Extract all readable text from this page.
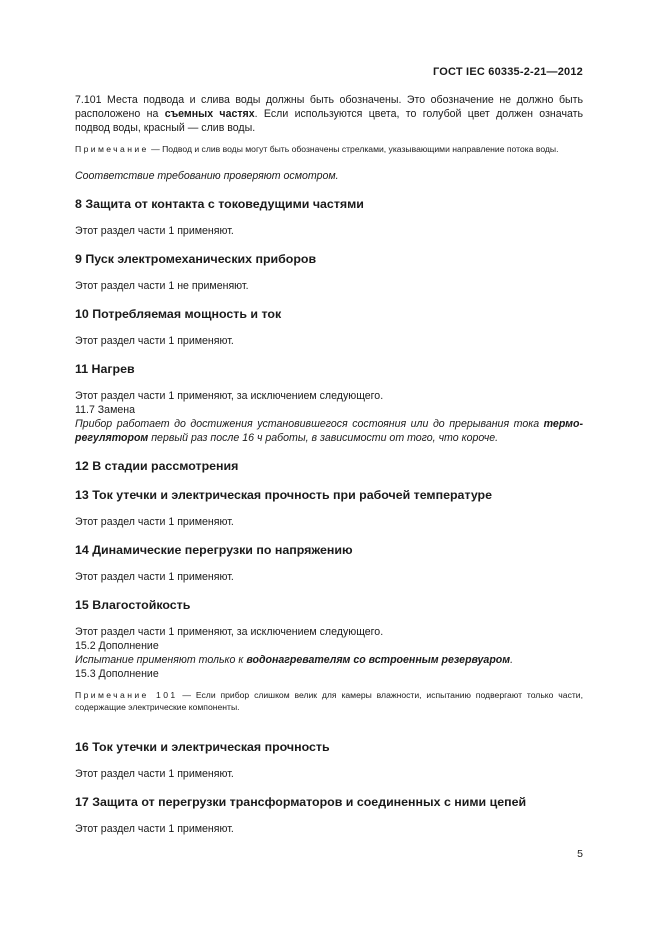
ГОСТ IEC 60335-2-21—2012

7.101 Места подвода и слива воды должны быть обозначены. Это обозначение не должно быть расположено на съемных частях. Если используются цвета, то голубой цвет должен означать подвод воды, красный — слив воды.

Примечание — Подвод и слив воды могут быть обозначены стрелками, указывающими направление потока воды.

Соответствие требованию проверяют осмотром.

8 Защита от контакта с токоведущими частями

Этот раздел части 1 применяют.

9 Пуск электромеханических приборов

Этот раздел части 1 не применяют.

10 Потребляемая мощность и ток

Этот раздел части 1 применяют.

11 Нагрев

Этот раздел части 1 применяют, за исключением следующего.

11.7 Замена

Прибор работает до достижения установившегося состояния или до прерывания тока термо-регулятором первый раз после 16 ч работы, в зависимости от того, что короче.

12 В стадии рассмотрения
13 Ток утечки и электрическая прочность при рабочей температуре

Этот раздел части 1 применяют.

14 Динамические перегрузки по напряжению

Этот раздел части 1 применяют.

15 Влагостойкость

Этот раздел части 1 применяют, за исключением следующего.

15.2 Дополнение

Испытание применяют только к водонагревателям со встроенным резервуаром.

15.3 Дополнение

Примечание 101 — Если прибор слишком велик для камеры влажности, испытанию подвергают только части, содержащие электрические компоненты.

16 Ток утечки и электрическая прочность

Этот раздел части 1 применяют.

17 Защита от перегрузки трансформаторов и соединенных с ними цепей

Этот раздел части 1 применяют.

5
